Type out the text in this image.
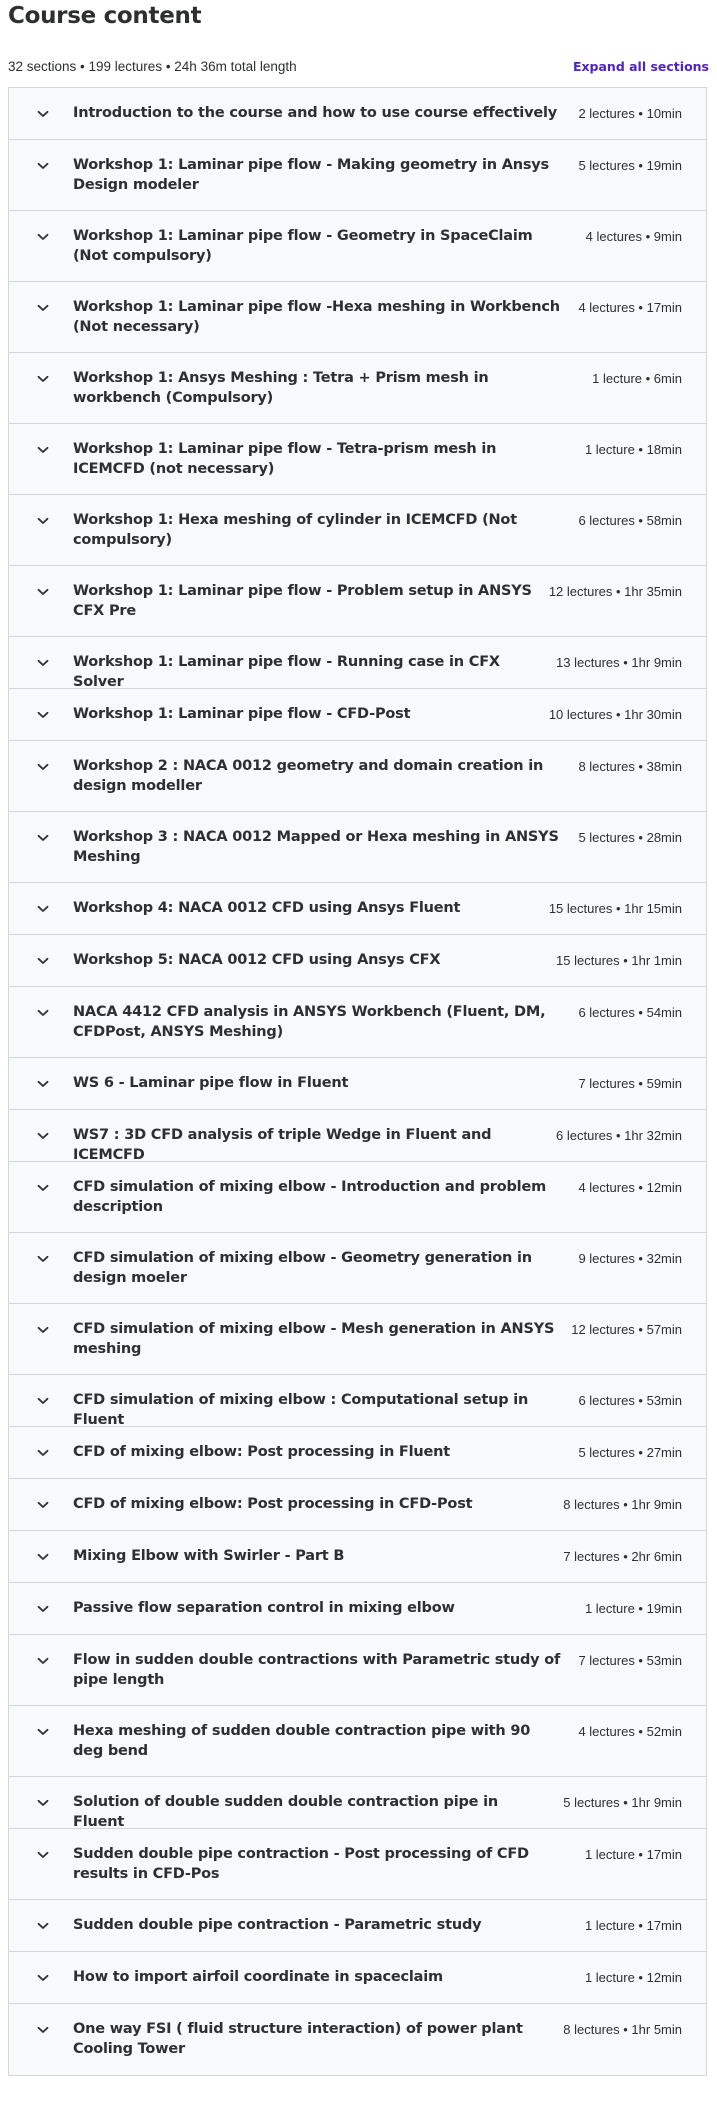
Course content
32 sections • 199 lectures • 24h 36m total length	Expand all sections
Introduction to the course and how to use course effectively	2 lectures • 10min
Workshop 1: Laminar pipe flow - Making geometry in Ansys Design modeler
5 lectures • 19min
Workshop 1: Laminar pipe flow - Geometry in SpaceClaim (Not compulsory)
4 lectures • 9min
Workshop 1: Laminar pipe flow -Hexa meshing in Workbench (Not necessary)
4 lectures • 17min
Workshop 1: Ansys Meshing : Tetra + Prism mesh in workbench (Compulsory)
1 lecture • 6min
Workshop 1: Laminar pipe flow - Tetra-prism mesh in ICEMCFD (not necessary)
1 lecture • 18min
Workshop 1: Hexa meshing of cylinder in ICEMCFD (Not compulsory)
6 lectures • 58min
Workshop 1: Laminar pipe flow - Problem setup in ANSYS CFX Pre
12 lectures • 1hr 35min
Workshop 1: Laminar pipe flow - Running case in CFX Solver
13 lectures • 1hr 9min
Workshop 1: Laminar pipe flow - CFD-Post	10 lectures • 1hr 30min
Workshop 2 : NACA 0012 geometry and domain creation in design modeller
8 lectures • 38min
Workshop 3 : NACA 0012 Mapped or Hexa meshing in ANSYS Meshing
5 lectures • 28min
Workshop 4: NACA 0012 CFD using Ansys Fluent	15 lectures • 1hr 15min
Workshop 5: NACA 0012 CFD using Ansys CFX	15 lectures • 1hr 1min
NACA 4412 CFD analysis in ANSYS Workbench (Fluent, DM, CFDPost, ANSYS Meshing)
6 lectures • 54min
WS 6 - Laminar pipe flow in Fluent	7 lectures • 59min
WS7 : 3D CFD analysis of triple Wedge in Fluent and ICEMCFD
6 lectures • 1hr 32min
CFD simulation of mixing elbow - Introduction and problem description
4 lectures • 12min
CFD simulation of mixing elbow - Geometry generation in design moeler
9 lectures • 32min
CFD simulation of mixing elbow - Mesh generation in ANSYS meshing
12 lectures • 57min
CFD simulation of mixing elbow : Computational setup in Fluent
6 lectures • 53min
CFD of mixing elbow: Post processing in Fluent	5 lectures • 27min
CFD of mixing elbow: Post processing in CFD-Post	8 lectures • 1hr 9min
Mixing Elbow with Swirler - Part B	7 lectures • 2hr 6min
Passive flow separation control in mixing elbow	1 lecture • 19min
Flow in sudden double contractions with Parametric study of pipe length
7 lectures • 53min
Hexa meshing of sudden double contraction pipe with 90 deg bend
4 lectures • 52min
Solution of double sudden double contraction pipe in Fluent
5 lectures • 1hr 9min
Sudden double pipe contraction - Post processing of CFD results in CFD-Pos
1 lecture • 17min
Sudden double pipe contraction - Parametric study	1 lecture • 17min
How to import airfoil coordinate in spaceclaim	1 lecture • 12min
One way FSI ( fluid structure interaction) of power plant Cooling Tower
8 lectures • 1hr 5min
